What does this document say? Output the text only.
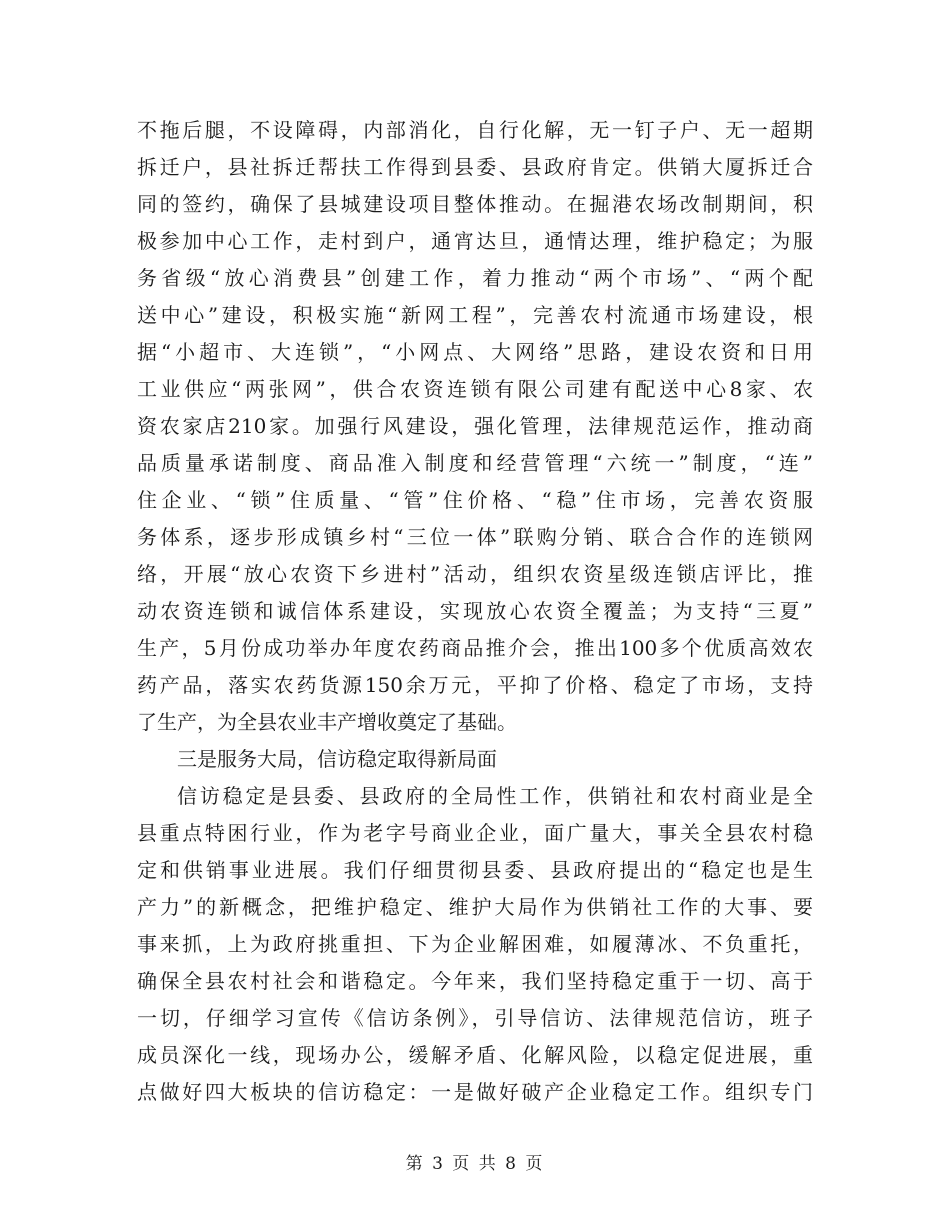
不拖后腿，不设障碍，内部消化，自行化解，无一钉子户、无一超期
拆迁户，县社拆迁帮扶工作得到县委、县政府肯定。供销大厦拆迁合
同的签约，确保了县城建设项目整体推动。在掘港农场改制期间，积
极参加中心工作，走村到户，通宵达旦，通情达理，维护稳定；为服
务省级“放心消费县”创建工作，着力推动“两个市场”、“两个配
送中心”建设，积极实施“新网工程”，完善农村流通市场建设，根
据“小超市、大连锁”，“小网点、大网络”思路，建设农资和日用
工业供应“两张网”，供合农资连锁有限公司建有配送中心8家、农
资农家店210家。加强行风建设，强化管理，法律规范运作，推动商
品质量承诺制度、商品准入制度和经营管理“六统一”制度，“连”
住企业、“锁”住质量、“管”住价格、“稳”住市场，完善农资服
务体系，逐步形成镇乡村“三位一体”联购分销、联合合作的连锁网
络，开展“放心农资下乡进村”活动，组织农资星级连锁店评比，推
动农资连锁和诚信体系建设，实现放心农资全覆盖；为支持“三夏”
生产，5月份成功举办年度农药商品推介会，推出100多个优质高效农
药产品，落实农药货源150余万元，平抑了价格、稳定了市场，支持
了生产，为全县农业丰产增收奠定了基础。
三是服务大局，信访稳定取得新局面
信访稳定是县委、县政府的全局性工作，供销社和农村商业是全
县重点特困行业，作为老字号商业企业，面广量大，事关全县农村稳
定和供销事业进展。我们仔细贯彻县委、县政府提出的“稳定也是生
产力”的新概念，把维护稳定、维护大局作为供销社工作的大事、要
事来抓，上为政府挑重担、下为企业解困难，如履薄冰、不负重托，
确保全县农村社会和谐稳定。今年来，我们坚持稳定重于一切、高于
一切，仔细学习宣传《信访条例》，引导信访、法律规范信访，班子
成员深化一线，现场办公，缓解矛盾、化解风险，以稳定促进展，重
点做好四大板块的信访稳定：一是做好破产企业稳定工作。组织专门
第 3 页 共 8 页
